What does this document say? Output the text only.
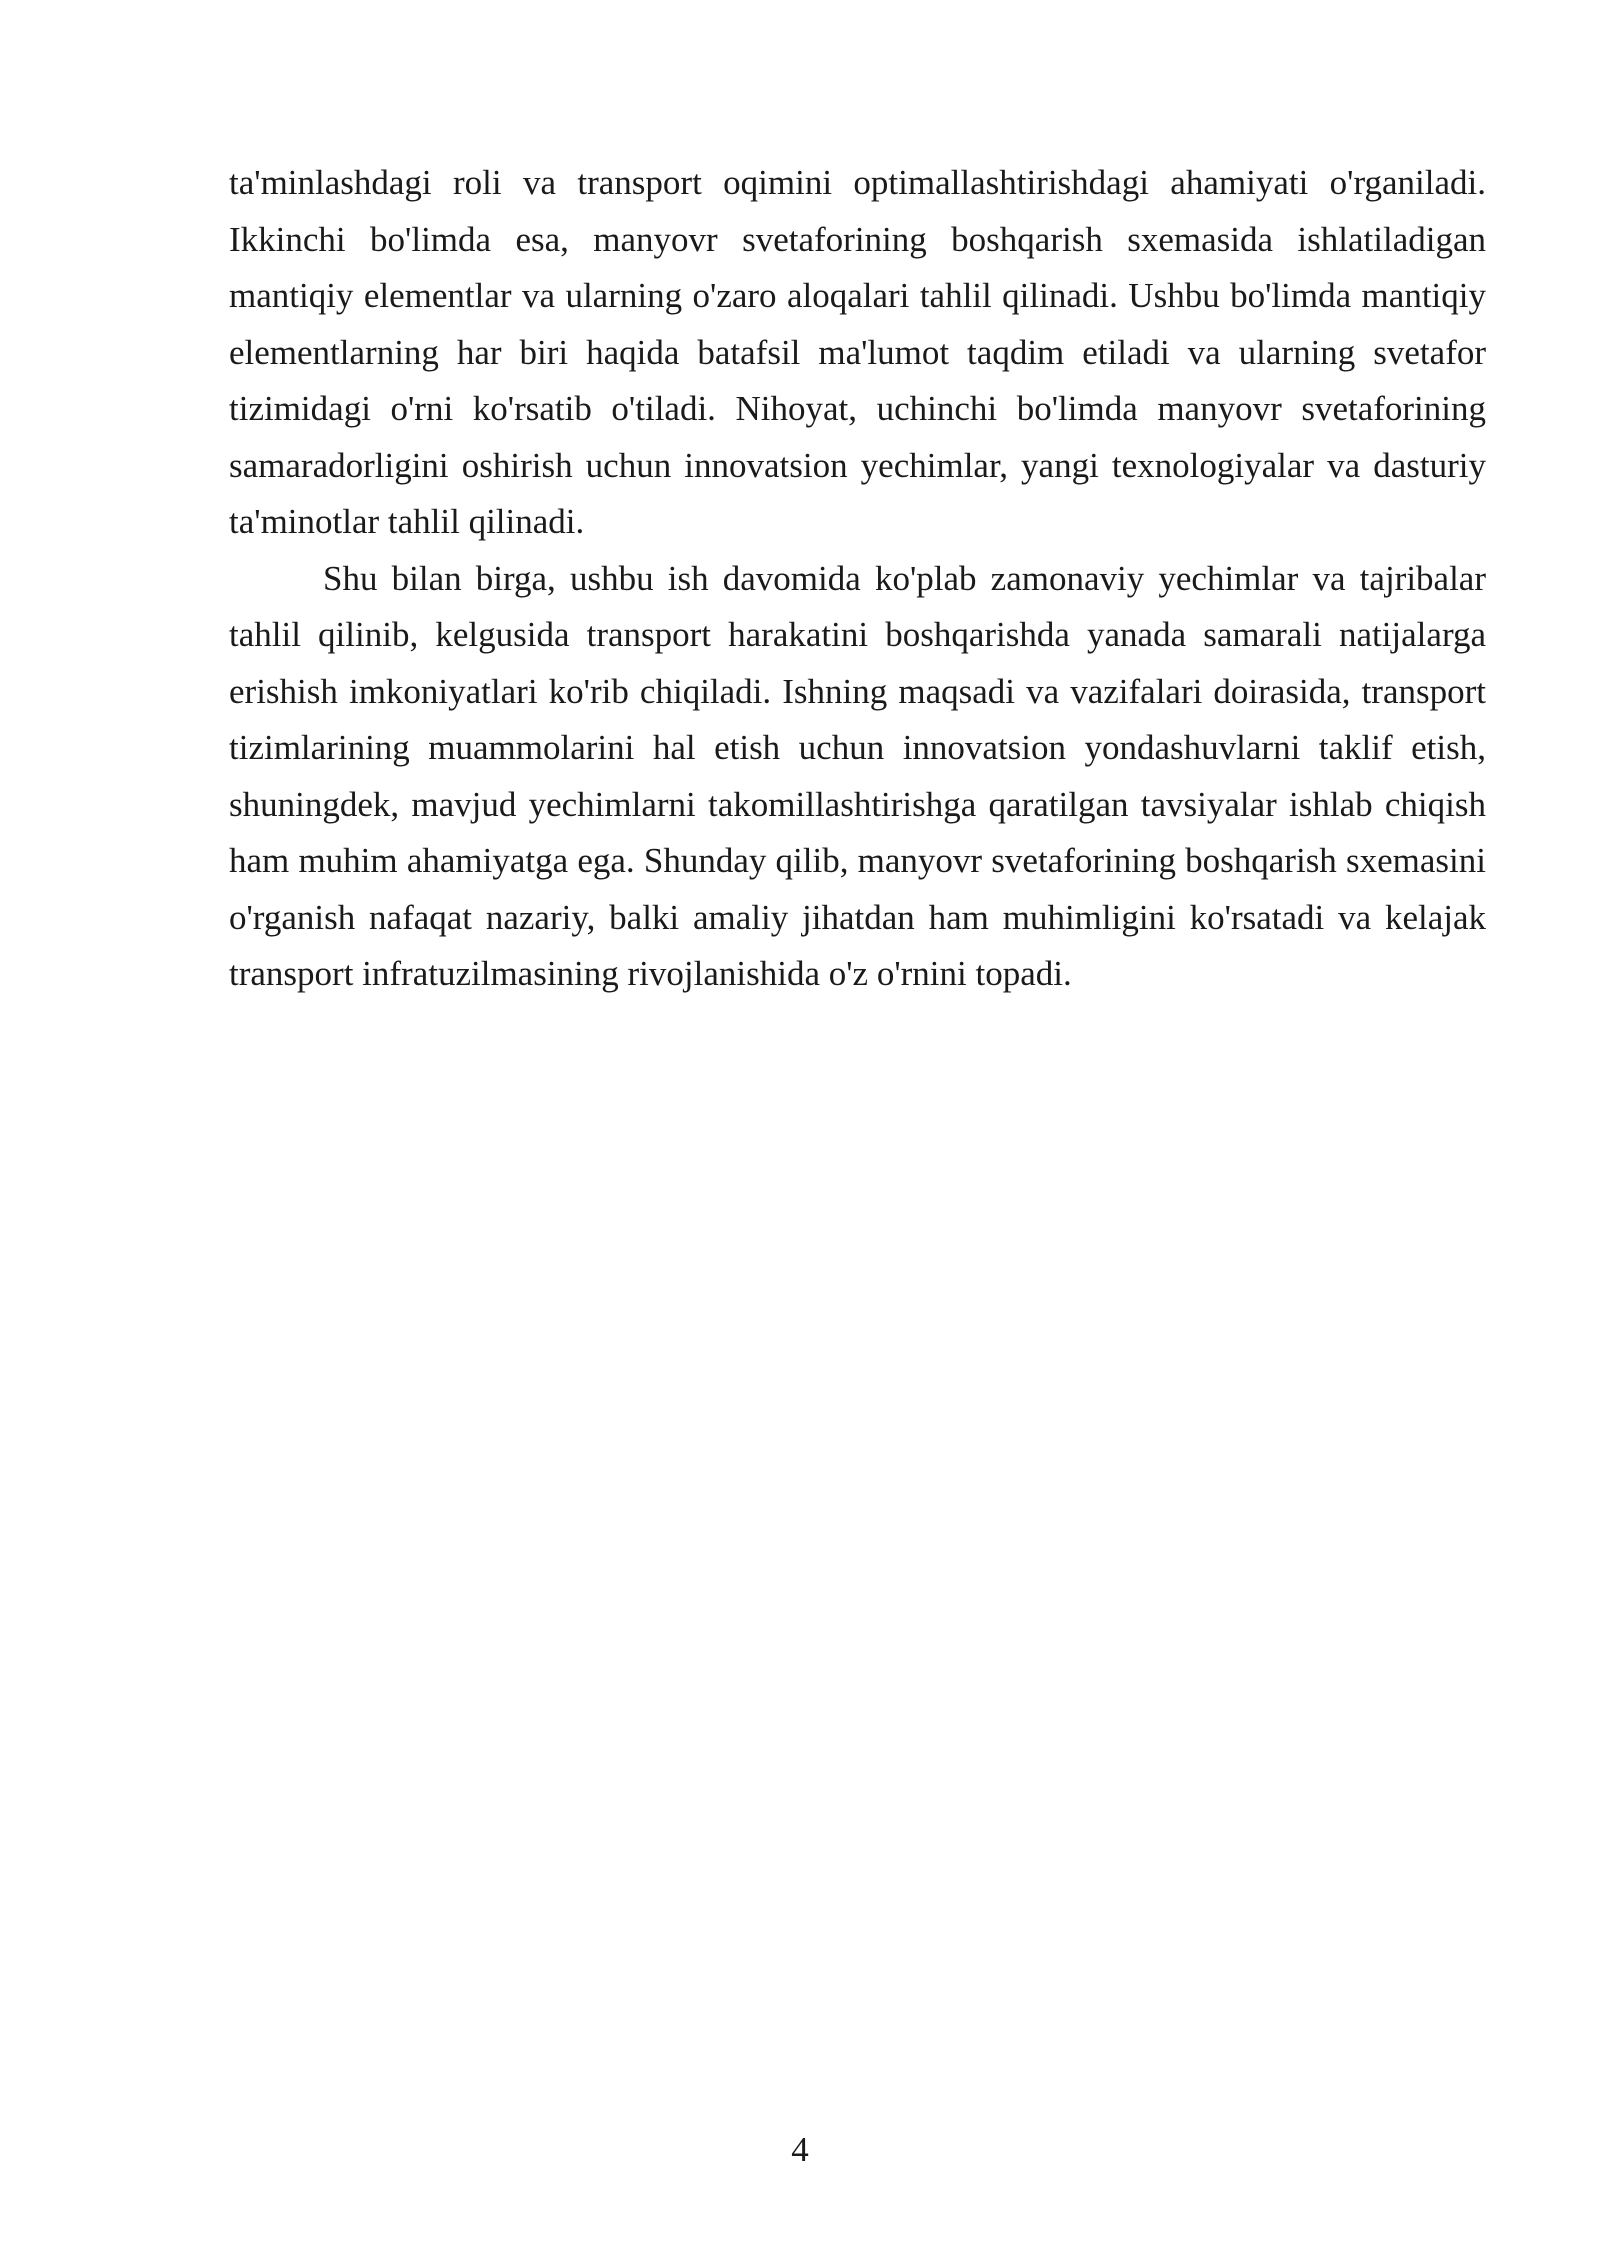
ta'minlashdagi roli va transport oqimini optimallashtirishdagi ahamiyati o'rganiladi. Ikkinchi bo'limda esa, manyovr svetaforining boshqarish sxemasida ishlatiladigan mantiqiy elementlar va ularning o'zaro aloqalari tahlil qilinadi. Ushbu bo'limda mantiqiy elementlarning har biri haqida batafsil ma'lumot taqdim etiladi va ularning svetafor tizimidagi o'rni ko'rsatib o'tiladi. Nihoyat, uchinchi bo'limda manyovr svetaforining samaradorligini oshirish uchun innovatsion yechimlar, yangi texnologiyalar va dasturiy ta'minotlar tahlil qilinadi.

Shu bilan birga, ushbu ish davomida ko'plab zamonaviy yechimlar va tajribalar tahlil qilinib, kelgusida transport harakatini boshqarishda yanada samarali natijalarga erishish imkoniyatlari ko'rib chiqiladi. Ishning maqsadi va vazifalari doirasida, transport tizimlarining muammolarini hal etish uchun innovatsion yondashuvlarni taklif etish, shuningdek, mavjud yechimlarni takomillashtirishga qaratilgan tavsiyalar ishlab chiqish ham muhim ahamiyatga ega. Shunday qilib, manyovr svetaforining boshqarish sxemasini o'rganish nafaqat nazariy, balki amaliy jihatdan ham muhimligini ko'rsatadi va kelajak transport infratuzilmasining rivojlanishida o'z o'rnini topadi.

4
